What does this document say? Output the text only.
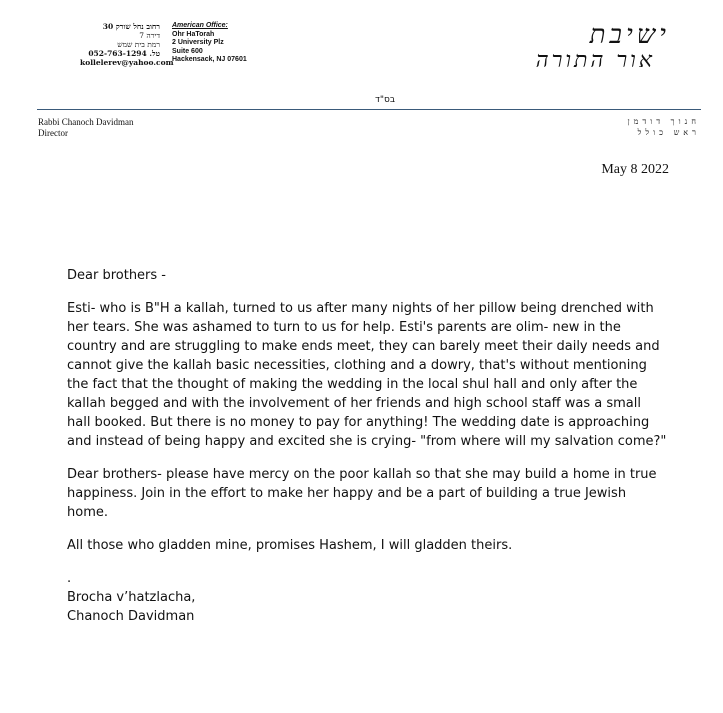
רחוב נחל שורק 30
דירה 7
רמת בית שמש
טל. 052-763-1294
kollelerev@yahoo.com
American Office:
Ohr HaTorah
2 University Plz
Suite 600
Hackensack, NJ 07601
ישיבת
אור התורה
בס"ד
Rabbi Chanoch Davidman
Director
חנוך דודמן
ראש כולל
May 8 2022

Dear brothers -

Esti- who is B"H a kallah, turned to us after many nights of her pillow being drenched with her tears. She was ashamed to turn to us for help. Esti's parents are olim- new in the country and are struggling to make ends meet, they can barely meet their daily needs and cannot give the kallah basic necessities, clothing and a dowry, that's without mentioning the fact that the thought of making the wedding in the local shul hall and only after the kallah begged and with the involvement of her friends and high school staff was a small hall booked. But there is no money to pay for anything! The wedding date is approaching and instead of being happy and excited she is crying- "from where will my salvation come?"

Dear brothers- please have mercy on the poor kallah so that she may build a home in true happiness. Join in the effort to make her happy and be a part of building a true Jewish home.

All those who gladden mine, promises Hashem, I will gladden theirs.

.

Brocha v’hatzlacha,

Chanoch Davidman
